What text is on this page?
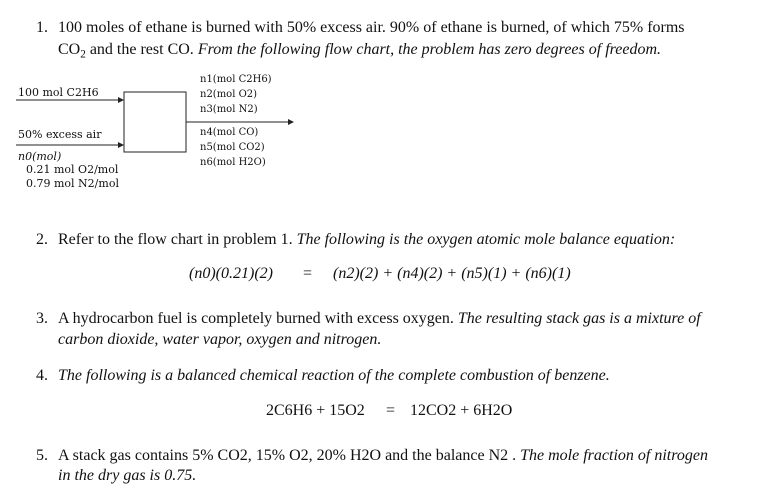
1. 100 moles of ethane is burned with 50% excess air. 90% of ethane is burned, of which 75% forms
$CO_2$ and the rest CO. From the following flow chart, the problem has zero degrees of freedom.
100 mol C2H6
50% excess air
n0(mol)
0.21 mol O2/mol
0.79 mol N2/mol
n1(mol C2H6)
n2(mol O2)
n3(mol N2)
n4(mol CO)
n5(mol CO2)
n6(mol H2O)
2. Refer to the flow chart in problem 1. The following is the oxygen atomic mole balance equation:
(n0)(0.21)(2) = (n2)(2) + (n4)(2) + (n5)(1) + (n6)(1)
3. A hydrocarbon fuel is completely burned with excess oxygen. The resulting stack gas is a mixture of
carbon dioxide, water vapor, oxygen and nitrogen.
4. The following is a balanced chemical reaction of the complete combustion of benzene.
2C6H6 + 15O2 = 12CO2 + 6H2O
5. A stack gas contains 5% CO2, 15% O2, 20% H2O and the balance N2 . The mole fraction of nitrogen
in the dry gas is 0.75.
